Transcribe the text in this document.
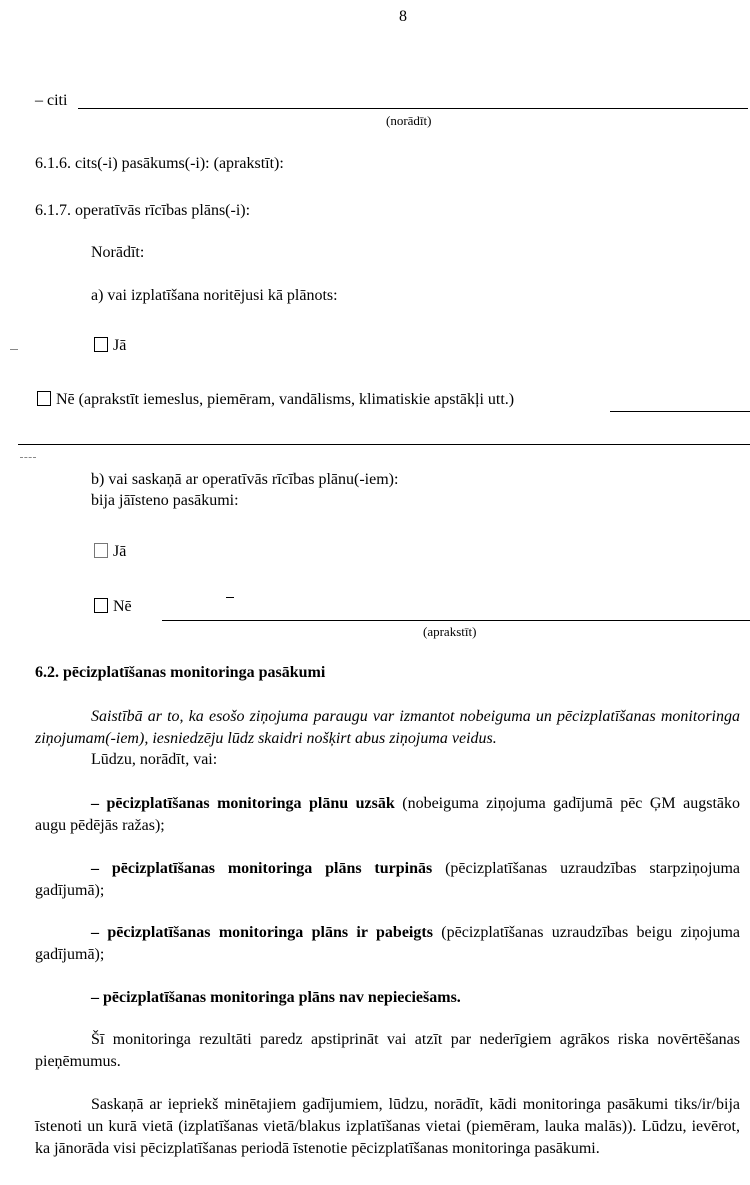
8
– citi
(norādīt)
6.1.6. cits(-i) pasākums(-i): (aprakstīt):
6.1.7. operatīvās rīcības plāns(-i):
Norādīt:
a) vai izplatīšana noritējusi kā plānots:
Jā
Nē (aprakstīt iemeslus, piemēram, vandālisms, klimatiskie apstākļi utt.)
b) vai saskaņā ar operatīvās rīcības plānu(-iem):
bija jāīsteno pasākumi:
Jā
Nē
(aprakstīt)
6.2. pēcizplatīšanas monitoringa pasākumi
Saistībā ar to, ka esošo ziņojuma paraugu var izmantot nobeiguma un pēcizplatīšanas monitoringa ziņojumam(-iem), iesniedzēju lūdz skaidri nošķirt abus ziņojuma veidus.
Lūdzu, norādīt, vai:
– pēcizplatīšanas monitoringa plānu uzsāk (nobeiguma ziņojuma gadījumā pēc ĢM augstāko augu pēdējās ražas);
– pēcizplatīšanas monitoringa plāns turpinās (pēcizplatīšanas uzraudzības starpziņojuma gadījumā);
– pēcizplatīšanas monitoringa plāns ir pabeigts (pēcizplatīšanas uzraudzības beigu ziņojuma gadījumā);
– pēcizplatīšanas monitoringa plāns nav nepieciešams.
Šī monitoringa rezultāti paredz apstiprināt vai atzīt par nederīgiem agrākos riska novērtēšanas pieņēmumus.
Saskaņā ar iepriekš minētajiem gadījumiem, lūdzu, norādīt, kādi monitoringa pasākumi tiks/ir/bija īstenoti un kurā vietā (izplatīšanas vietā/blakus izplatīšanas vietai (piemēram, lauka malās)). Lūdzu, ievērot, ka jānorāda visi pēcizplatīšanas periodā īstenotie pēcizplatīšanas monitoringa pasākumi.
